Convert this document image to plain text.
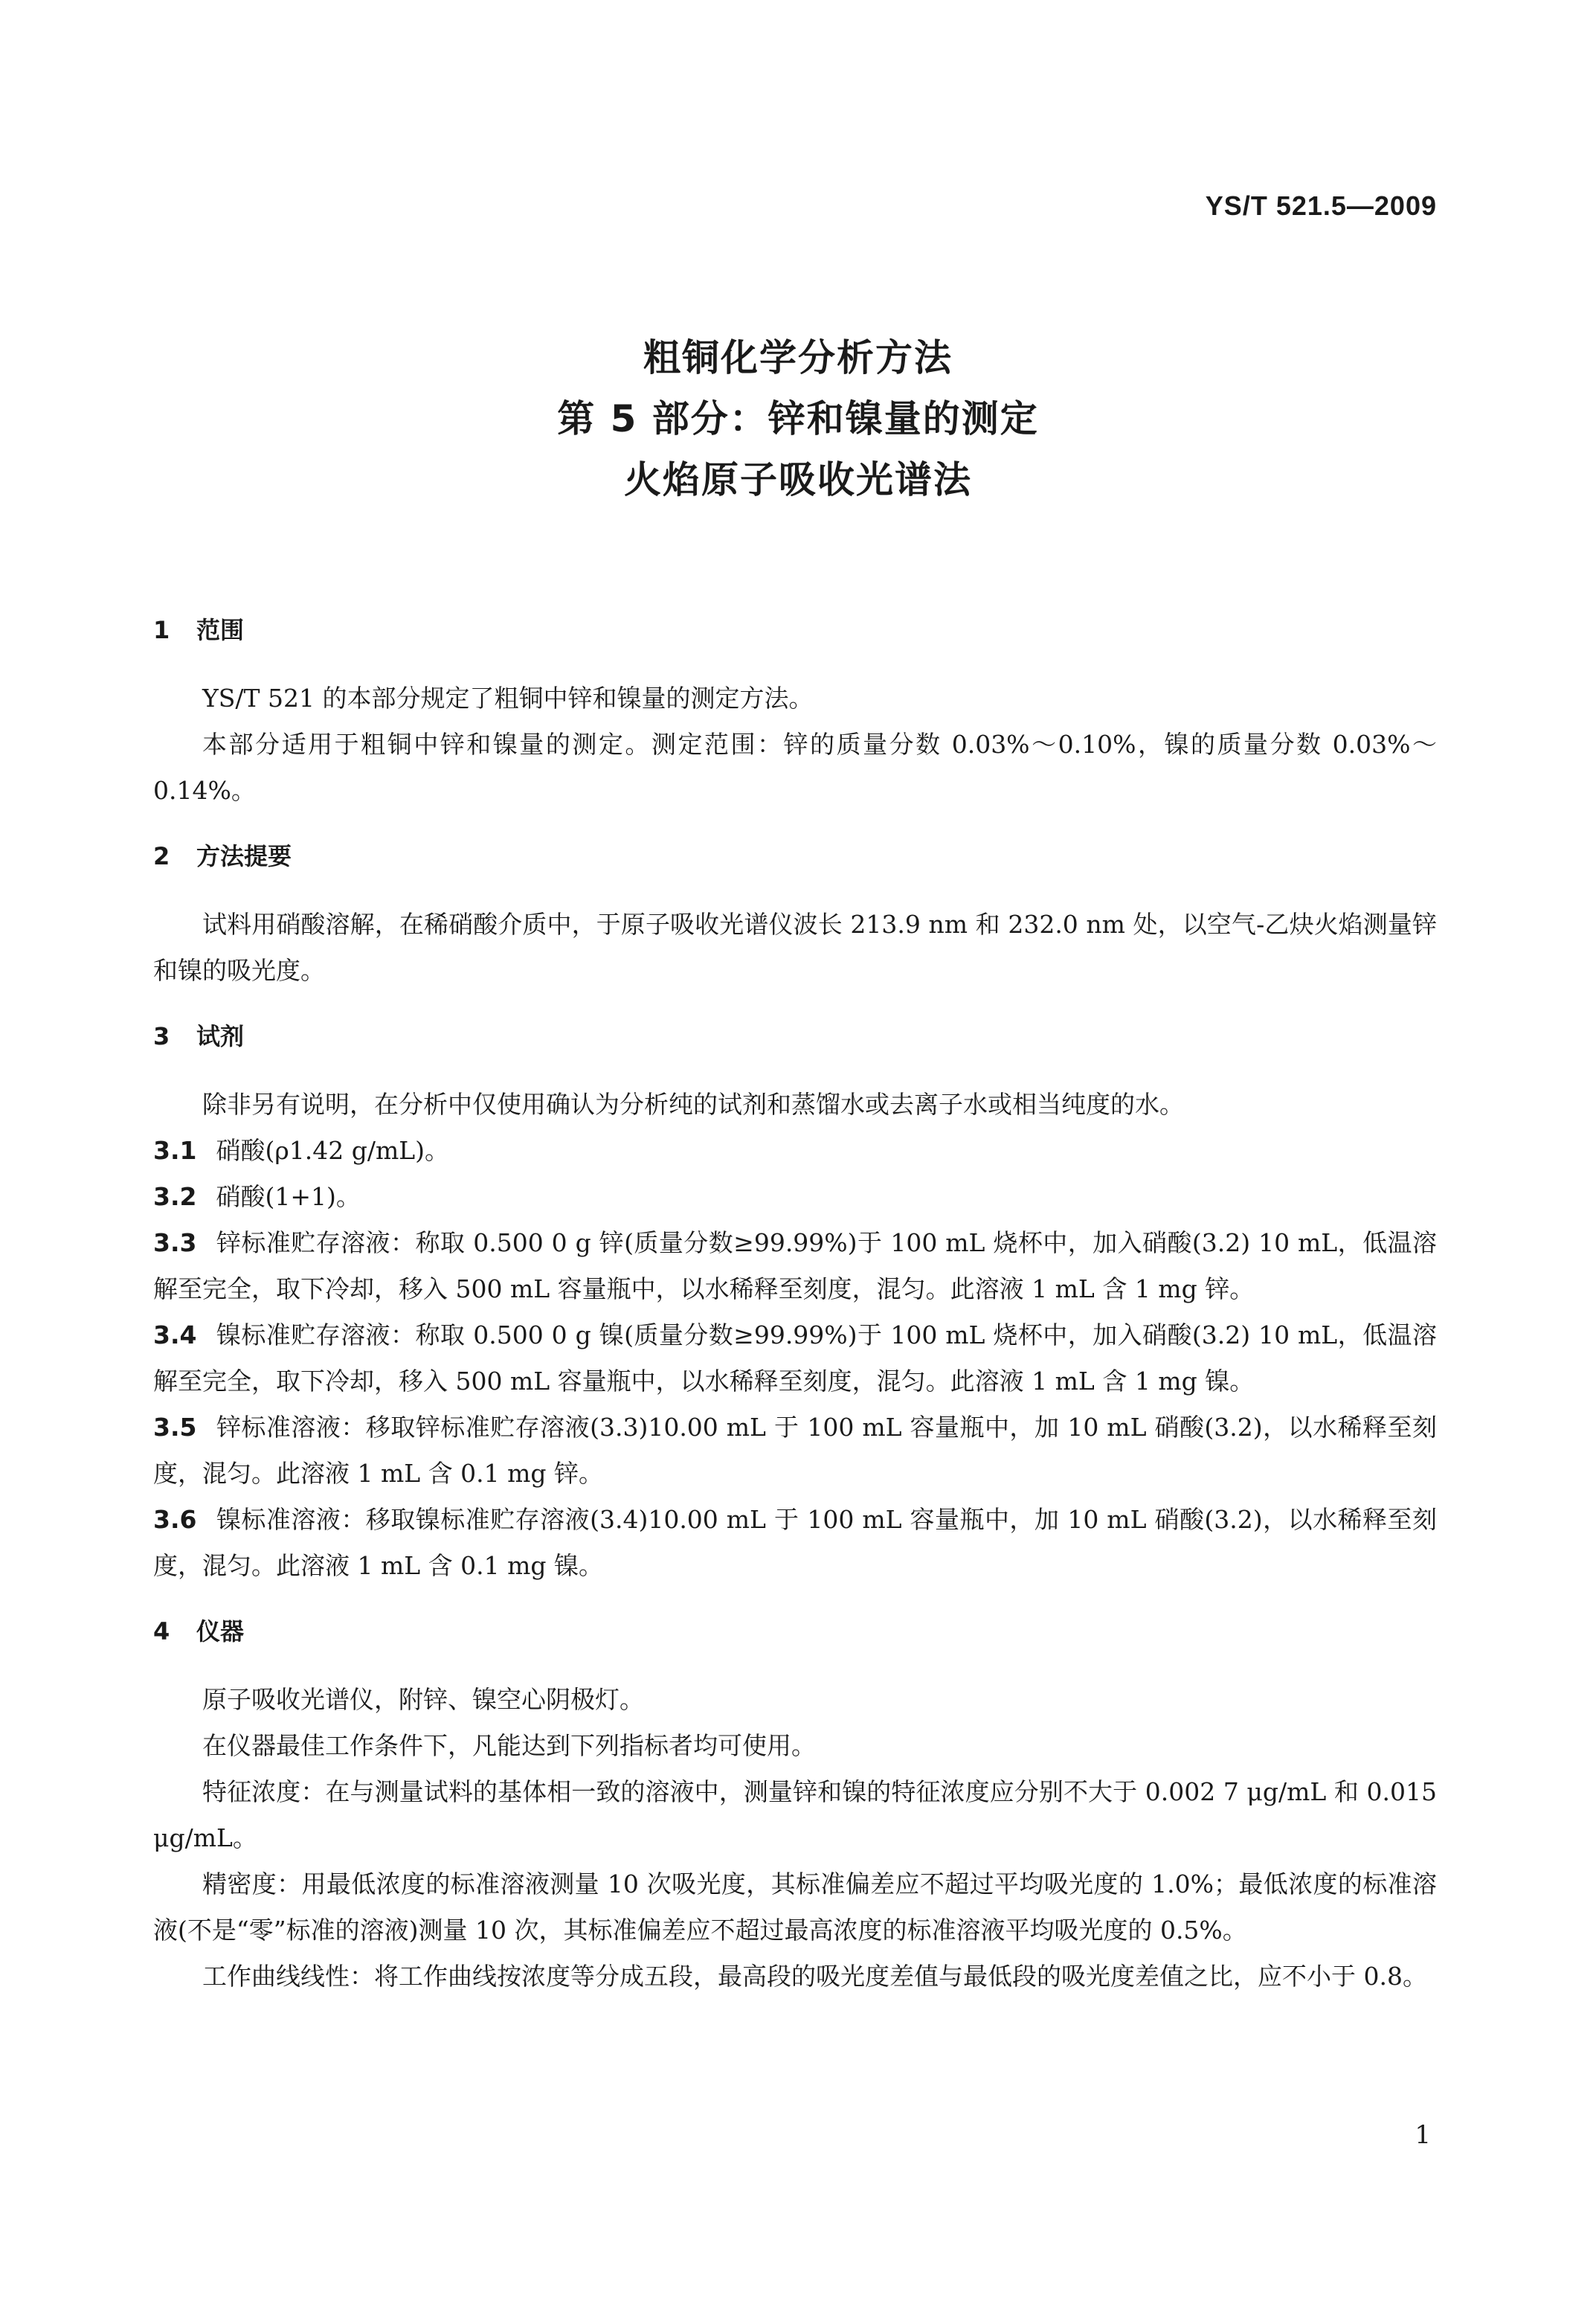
YS/T 521.5—2009
粗铜化学分析方法
第 5 部分：锌和镍量的测定
火焰原子吸收光谱法

1 范围

YS/T 521 的本部分规定了粗铜中锌和镍量的测定方法。

本部分适用于粗铜中锌和镍量的测定。测定范围：锌的质量分数 0.03%～0.10%，镍的质量分数 0.03%～0.14%。

2 方法提要

试料用硝酸溶解，在稀硝酸介质中，于原子吸收光谱仪波长 213.9 nm 和 232.0 nm 处，以空气-乙炔火焰测量锌和镍的吸光度。

3 试剂

除非另有说明，在分析中仅使用确认为分析纯的试剂和蒸馏水或去离子水或相当纯度的水。

3.1 硝酸(ρ1.42 g/mL)。

3.2 硝酸(1+1)。

3.3 锌标准贮存溶液：称取 0.500 0 g 锌(质量分数≥99.99%)于 100 mL 烧杯中，加入硝酸(3.2) 10 mL，低温溶解至完全，取下冷却，移入 500 mL 容量瓶中，以水稀释至刻度，混匀。此溶液 1 mL 含 1 mg 锌。

3.4 镍标准贮存溶液：称取 0.500 0 g 镍(质量分数≥99.99%)于 100 mL 烧杯中，加入硝酸(3.2) 10 mL，低温溶解至完全，取下冷却，移入 500 mL 容量瓶中，以水稀释至刻度，混匀。此溶液 1 mL 含 1 mg 镍。

3.5 锌标准溶液：移取锌标准贮存溶液(3.3)10.00 mL 于 100 mL 容量瓶中，加 10 mL 硝酸(3.2)，以水稀释至刻度，混匀。此溶液 1 mL 含 0.1 mg 锌。

3.6 镍标准溶液：移取镍标准贮存溶液(3.4)10.00 mL 于 100 mL 容量瓶中，加 10 mL 硝酸(3.2)，以水稀释至刻度，混匀。此溶液 1 mL 含 0.1 mg 镍。

4 仪器

原子吸收光谱仪，附锌、镍空心阴极灯。

在仪器最佳工作条件下，凡能达到下列指标者均可使用。

特征浓度：在与测量试料的基体相一致的溶液中，测量锌和镍的特征浓度应分别不大于 0.002 7 μg/mL 和 0.015 μg/mL。

精密度：用最低浓度的标准溶液测量 10 次吸光度，其标准偏差应不超过平均吸光度的 1.0%；最低浓度的标准溶液(不是“零”标准的溶液)测量 10 次，其标准偏差应不超过最高浓度的标准溶液平均吸光度的 0.5%。

工作曲线线性：将工作曲线按浓度等分成五段，最高段的吸光度差值与最低段的吸光度差值之比，应不小于 0.8。

1
